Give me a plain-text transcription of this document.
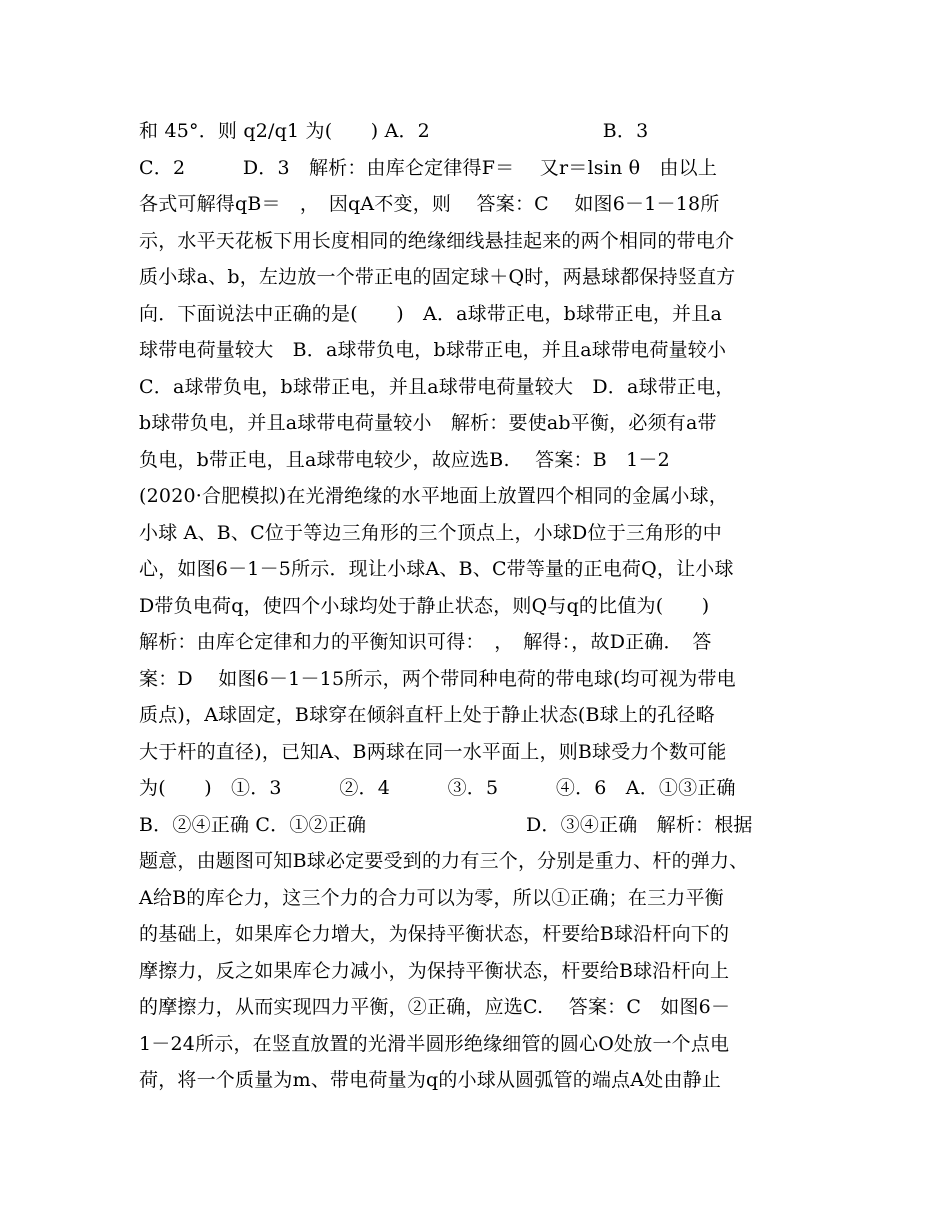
和 45°．则 q2/q1 为(　　) A．2　　　　　　　　　B．3
C．2　　　D．3　解析：由库仑定律得F＝　 又r＝lsin θ　由以上
各式可解得qB＝　，　因qA不变，则　 答案：C　 如图6－1－18所
示，水平天花板下用长度相同的绝缘细线悬挂起来的两个相同的带电介
质小球a、b，左边放一个带正电的固定球＋Q时，两悬球都保持竖直方
向．下面说法中正确的是(　　)　A．a球带正电，b球带正电，并且a
球带电荷量较大　B．a球带负电，b球带正电，并且a球带电荷量较小
C．a球带负电，b球带正电，并且a球带电荷量较大　D．a球带正电，
b球带负电，并且a球带电荷量较小　解析：要使ab平衡，必须有a带
负电，b带正电，且a球带电较少，故应选B.　 答案：B　1－2
(2020·合肥模拟)在光滑绝缘的水平地面上放置四个相同的金属小球，
小球 A、B、C位于等边三角形的三个顶点上，小球D位于三角形的中
心，如图6－1－5所示．现让小球A、B、C带等量的正电荷Q，让小球
D带负电荷q，使四个小球均处于静止状态，则Q与q的比值为(　　)
解析：由库仑定律和力的平衡知识可得：　，　解得：，故D正确．　答
案：D　 如图6－1－15所示，两个带同种电荷的带电球(均可视为带电
质点)，A球固定，B球穿在倾斜直杆上处于静止状态(B球上的孔径略
大于杆的直径)，已知A、B两球在同一水平面上，则B球受力个数可能
为(　　)　①．3　　　②．4　　　③．5　　　④．6　A．①③正确
B．②④正确 C．①②正确　　　　　　　　 D．③④正确　解析：根据
题意，由题图可知B球必定要受到的力有三个，分别是重力、杆的弹力、
A给B的库仑力，这三个力的合力可以为零，所以①正确；在三力平衡
的基础上，如果库仑力增大，为保持平衡状态，杆要给B球沿杆向下的
摩擦力，反之如果库仑力减小，为保持平衡状态，杆要给B球沿杆向上
的摩擦力，从而实现四力平衡，②正确，应选C.　 答案：C　如图6－
1－24所示，在竖直放置的光滑半圆形绝缘细管的圆心O处放一个点电
荷，将一个质量为m、带电荷量为q的小球从圆弧管的端点A处由静止
